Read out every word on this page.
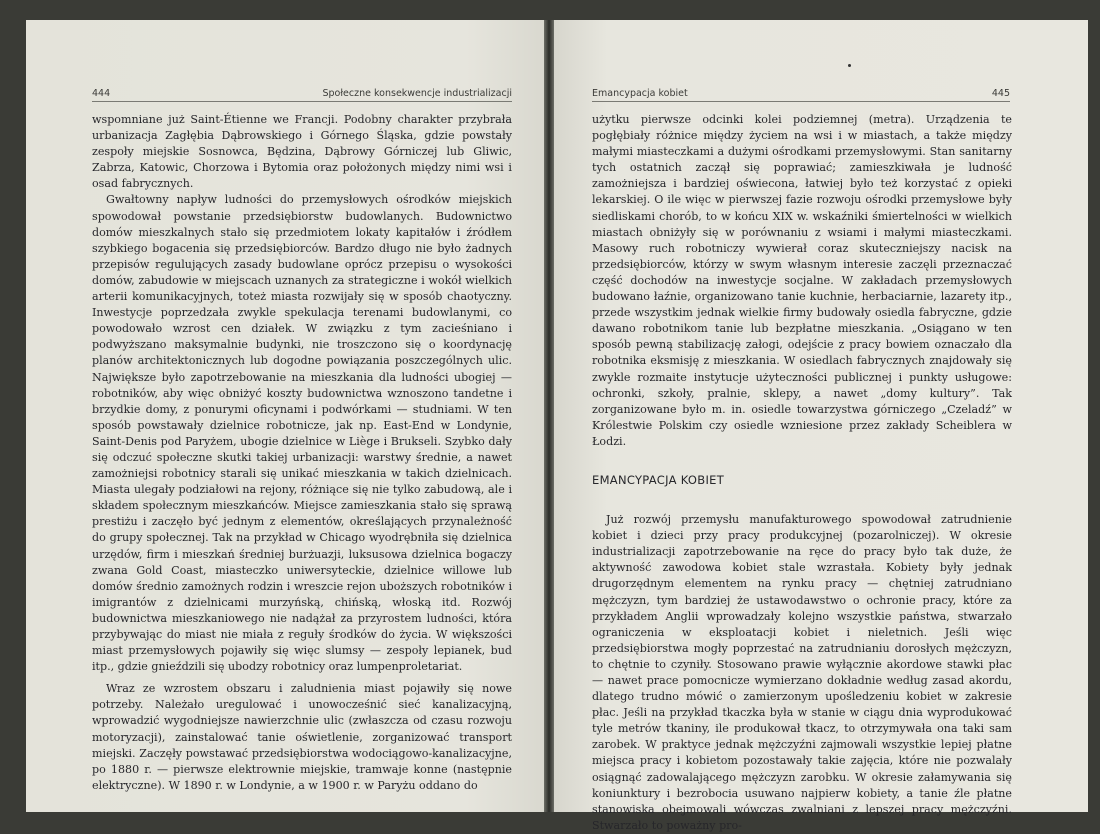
444	Społeczne konsekwencje industrializacji

wspomniane już Saint-Étienne we Francji. Podobny charakter przybrała urbanizacja Zagłębia Dąbrowskiego i Górnego Śląska, gdzie powstały zespoły miejskie Sosnowca, Będzina, Dąbrowy Górniczej lub Gliwic, Zabrza, Katowic, Chorzowa i Bytomia oraz położonych między nimi wsi i osad fabrycznych.

Gwałtowny napływ ludności do przemysłowych ośrodków miejskich spowodował powstanie przedsiębiorstw budowlanych. Budownictwo domów mieszkalnych stało się przedmiotem lokaty kapitałów i źródłem szybkiego bogacenia się przedsiębiorców. Bardzo długo nie było żadnych przepisów regulujących zasady budowlane oprócz przepisu o wysokości domów, zabudowie w miejscach uznanych za strategiczne i wokół wielkich arterii komunikacyjnych, toteż miasta rozwijały się w sposób chaotyczny. Inwestycje poprzedzała zwykle spekulacja terenami budowlanymi, co powodowało wzrost cen działek. W związku z tym zacieśniano i podwyższano maksymalnie budynki, nie troszczono się o koordynację planów architektonicznych lub dogodne powiązania poszczególnych ulic. Największe było zapotrzebowanie na mieszkania dla ludności ubogiej — robotników, aby więc obniżyć koszty budownictwa wznoszono tandetne i brzydkie domy, z ponurymi oficynami i podwórkami — studniami. W ten sposób powstawały dzielnice robotnicze, jak np. East-End w Londynie, Saint-Denis pod Paryżem, ubogie dzielnice w Liège i Brukseli. Szybko dały się odczuć społeczne skutki takiej urbanizacji: warstwy średnie, a nawet zamożniejsi robotnicy starali się unikać mieszkania w takich dzielnicach. Miasta ulegały podziałowi na rejony, różniące się nie tylko zabudową, ale i składem społecznym mieszkańców. Miejsce zamieszkania stało się sprawą prestiżu i zaczęło być jednym z elementów, określających przynależność do grupy społecznej. Tak na przykład w Chicago wyodrębniła się dzielnica urzędów, firm i mieszkań średniej burżuazji, luksusowa dzielnica bogaczy zwana Gold Coast, miasteczko uniwersyteckie, dzielnice willowe lub domów średnio zamożnych rodzin i wreszcie rejon uboższych robotników i imigrantów z dzielnicami murzyńską, chińską, włoską itd. Rozwój budownictwa mieszkaniowego nie nadążał za przyrostem ludności, która przybywając do miast nie miała z reguły środków do życia. W większości miast przemysłowych pojawiły się więc slumsy — zespoły lepianek, bud itp., gdzie gnieździli się ubodzy robotnicy oraz lumpenproletariat.

Wraz ze wzrostem obszaru i zaludnienia miast pojawiły się nowe potrzeby. Należało uregulować i unowocześnić sieć kanalizacyjną, wprowadzić wygodniejsze nawierzchnie ulic (zwłaszcza od czasu rozwoju motoryzacji), zainstalować tanie oświetlenie, zorganizować transport miejski. Zaczęły powstawać przedsiębiorstwa wodociągowo-kanalizacyjne, po 1880 r. — pierwsze elektrownie miejskie, tramwaje konne (następnie elektryczne). W 1890 r. w Londynie, a w 1900 r. w Paryżu oddano do

Emancypacja kobiet	445

użytku pierwsze odcinki kolei podziemnej (metra). Urządzenia te pogłębiały różnice między życiem na wsi i w miastach, a także między małymi miasteczkami a dużymi ośrodkami przemysłowymi. Stan sanitarny tych ostatnich zaczął się poprawiać; zamieszkiwała je ludność zamożniejsza i bardziej oświecona, łatwiej było też korzystać z opieki lekarskiej. O ile więc w pierwszej fazie rozwoju ośrodki przemysłowe były siedliskami chorób, to w końcu XIX w. wskaźniki śmiertelności w wielkich miastach obniżyły się w porównaniu z wsiami i małymi miasteczkami. Masowy ruch robotniczy wywierał coraz skuteczniejszy nacisk na przedsiębiorców, którzy w swym własnym interesie zaczęli przeznaczać część dochodów na inwestycje socjalne. W zakładach przemysłowych budowano łaźnie, organizowano tanie kuchnie, herbaciarnie, lazarety itp., przede wszystkim jednak wielkie firmy budowały osiedla fabryczne, gdzie dawano robotnikom tanie lub bezpłatne mieszkania. „Osiągano w ten sposób pewną stabilizację załogi, odejście z pracy bowiem oznaczało dla robotnika eksmisję z mieszkania. W osiedlach fabrycznych znajdowały się zwykle rozmaite instytucje użyteczności publicznej i punkty usługowe: ochronki, szkoły, pralnie, sklepy, a nawet „domy kultury”. Tak zorganizowane było m. in. osiedle towarzystwa górniczego „Czeladź” w Królestwie Polskim czy osiedle wzniesione przez zakłady Scheiblera w Łodzi.

EMANCYPACJA KOBIET

Już rozwój przemysłu manufakturowego spowodował zatrudnienie kobiet i dzieci przy pracy produkcyjnej (pozarolniczej). W okresie industrializacji zapotrzebowanie na ręce do pracy było tak duże, że aktywność zawodowa kobiet stale wzrastała. Kobiety były jednak drugorzędnym elementem na rynku pracy — chętniej zatrudniano mężczyzn, tym bardziej że ustawodawstwo o ochronie pracy, które za przykładem Anglii wprowadzały kolejno wszystkie państwa, stwarzało ograniczenia w eksploatacji kobiet i nieletnich. Jeśli więc przedsiębiorstwa mogły poprzestać na zatrudnianiu dorosłych mężczyzn, to chętnie to czyniły. Stosowano prawie wyłącznie akordowe stawki płac — nawet prace pomocnicze wymierzano dokładnie według zasad akordu, dlatego trudno mówić o zamierzonym upośledzeniu kobiet w zakresie płac. Jeśli na przykład tkaczka była w stanie w ciągu dnia wyprodukować tyle metrów tkaniny, ile produkował tkacz, to otrzymywała ona taki sam zarobek. W praktyce jednak mężczyźni zajmowali wszystkie lepiej płatne miejsca pracy i kobietom pozostawały takie zajęcia, które nie pozwalały osiągnąć zadowalającego mężczyzn zarobku. W okresie załamywania się koniunktury i bezrobocia usuwano najpierw kobiety, a tanie źle płatne stanowiska obejmowali wówczas zwalniani z lepszej pracy mężczyźni. Stwarzało to poważny pro-
